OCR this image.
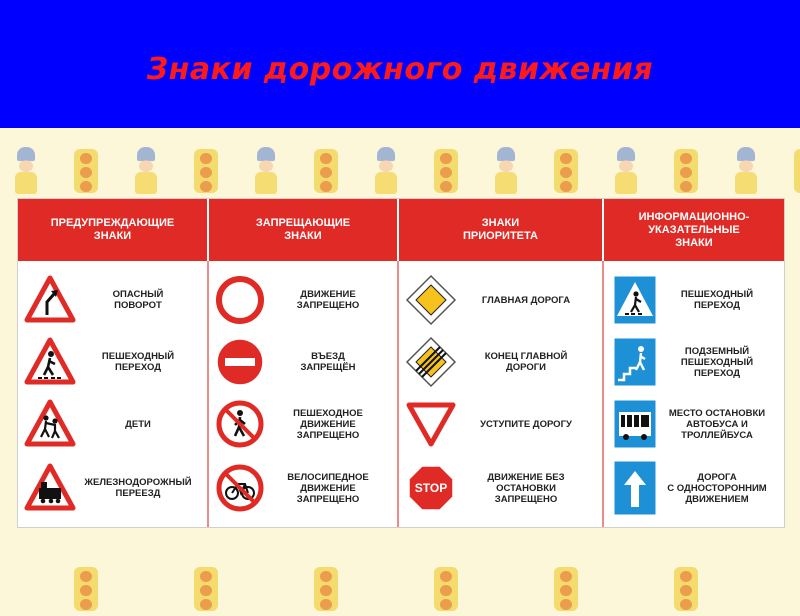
Знаки дорожного движения
ПРЕДУПРЕЖДАЮЩИЕ
ЗНАКИ
ЗАПРЕЩАЮЩИЕ
ЗНАКИ
ЗНАКИ
ПРИОРИТЕТА
ИНФОРМАЦИОННО-
УКАЗАТЕЛЬНЫЕ
ЗНАКИ
ОПАСНЫЙ
ПОВОРОТ
ПЕШЕХОДНЫЙ
ПЕРЕХОД
ДЕТИ
ЖЕЛЕЗНОДОРОЖНЫЙ
ПЕРЕЕЗД
ДВИЖЕНИЕ
ЗАПРЕЩЕНО
ВЪЕЗД
ЗАПРЕЩЁН
ПЕШЕХОДНОЕ
ДВИЖЕНИЕ
ЗАПРЕЩЕНО
ВЕЛОСИПЕДНОЕ
ДВИЖЕНИЕ
ЗАПРЕЩЕНО
ГЛАВНАЯ ДОРОГА
КОНЕЦ ГЛАВНОЙ
ДОРОГИ
УСТУПИТЕ ДОРОГУ
STOP
ДВИЖЕНИЕ БЕЗ
ОСТАНОВКИ
ЗАПРЕЩЕНО
ПЕШЕХОДНЫЙ
ПЕРЕХОД
ПОДЗЕМНЫЙ
ПЕШЕХОДНЫЙ
ПЕРЕХОД
МЕСТО ОСТАНОВКИ
АВТОБУСА И
ТРОЛЛЕЙБУСА
ДОРОГА
С ОДНОСТОРОННИМ
ДВИЖЕНИЕМ
